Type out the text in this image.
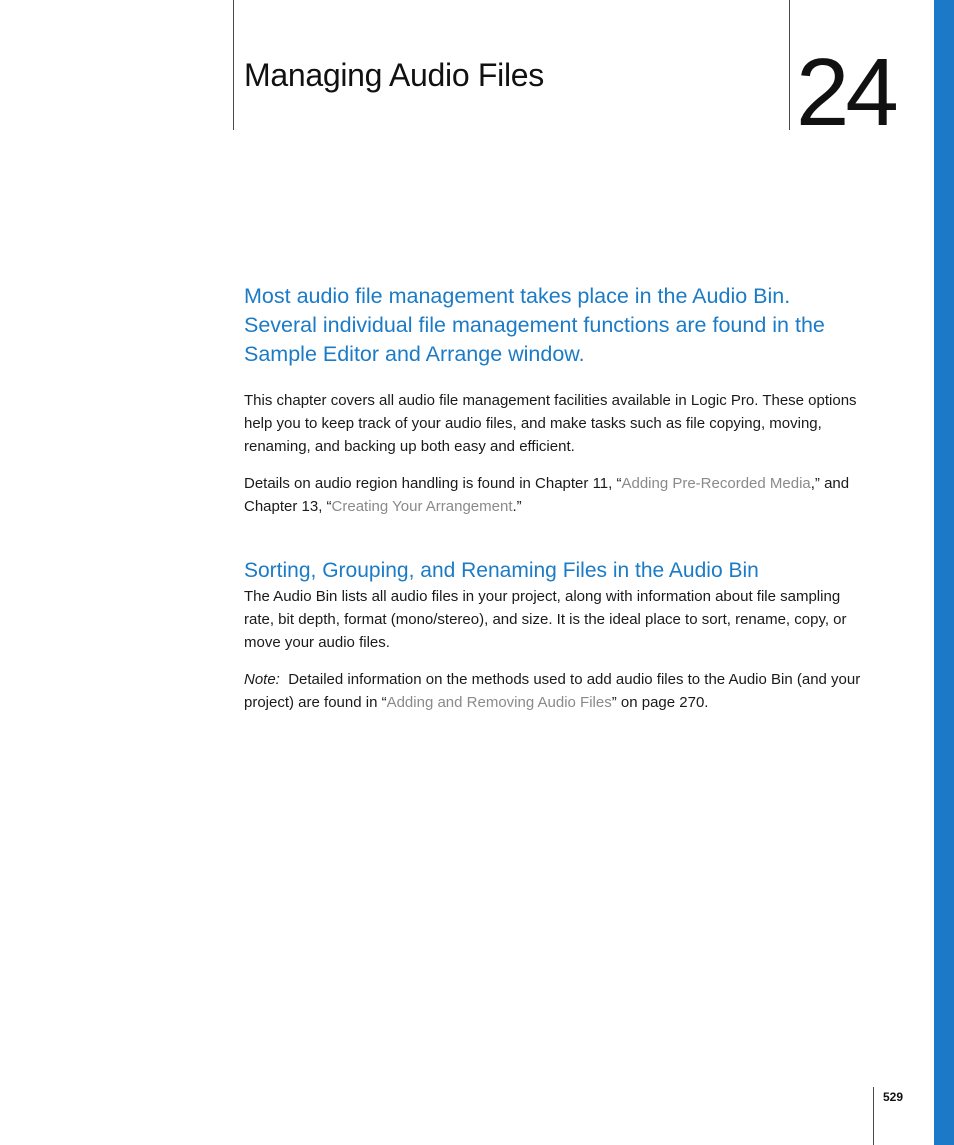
Managing Audio Files	24

Most audio file management takes place in the Audio Bin. Several individual file management functions are found in the Sample Editor and Arrange window.

This chapter covers all audio file management facilities available in Logic Pro. These options help you to keep track of your audio files, and make tasks such as file copying, moving, renaming, and backing up both easy and efficient.

Details on audio region handling is found in Chapter 11, “Adding Pre-Recorded Media,” and Chapter 13, “Creating Your Arrangement.”

Sorting, Grouping, and Renaming Files in the Audio Bin

The Audio Bin lists all audio files in your project, along with information about file sampling rate, bit depth, format (mono/stereo), and size. It is the ideal place to sort, rename, copy, or move your audio files.

Note: Detailed information on the methods used to add audio files to the Audio Bin (and your project) are found in “Adding and Removing Audio Files” on page 270.

529
